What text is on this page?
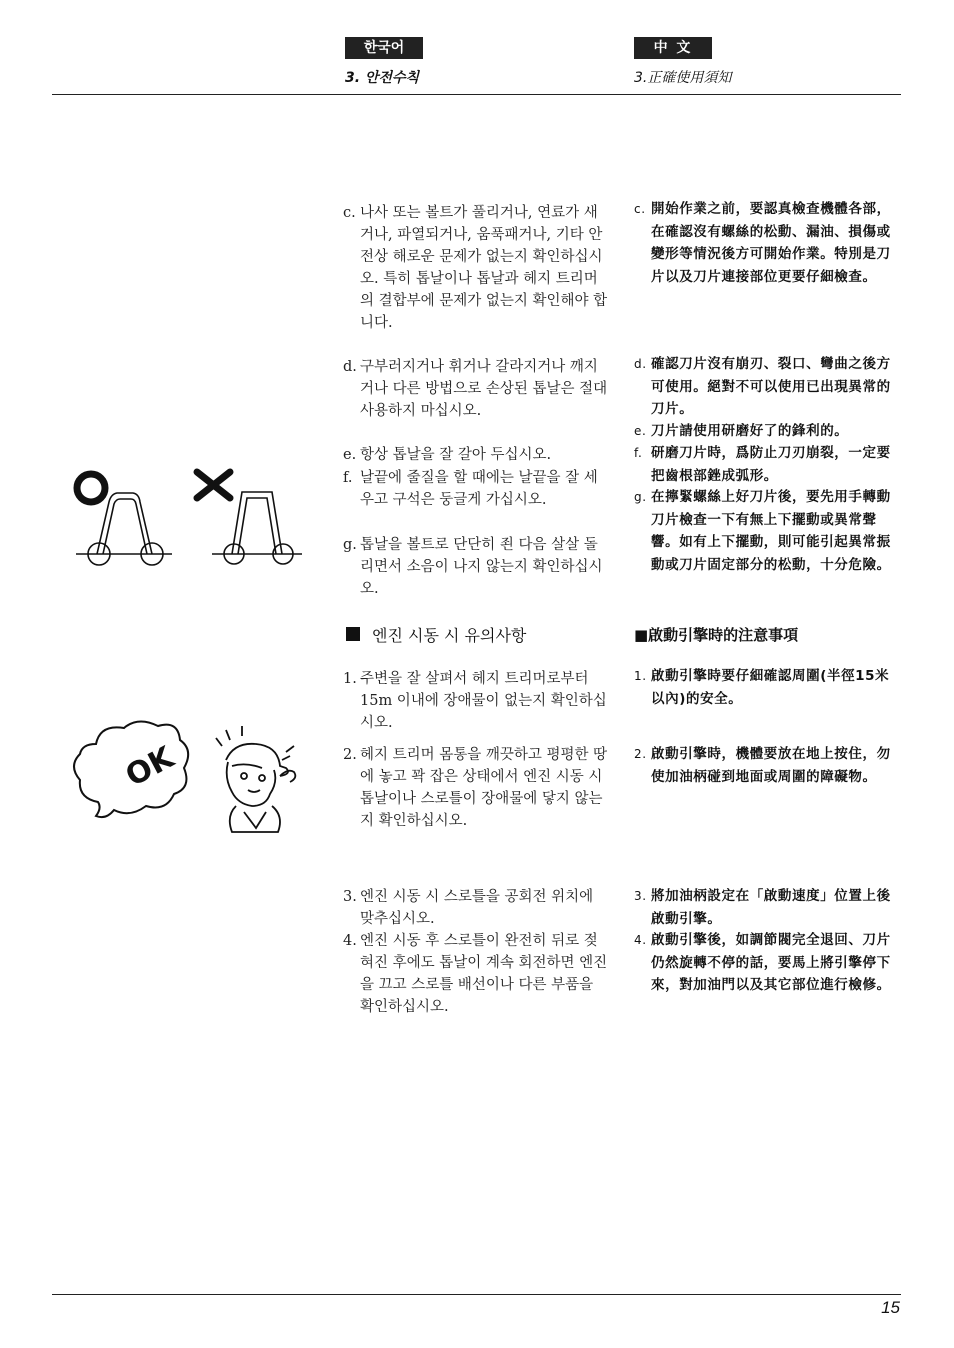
한국어
3. 안전수칙
中 文
3.正確使用須知
c. 나사 또는 볼트가 풀리거나, 연료가 새거나, 파열되거나, 움푹패거나, 기타 안전상 해로운 문제가 없는지 확인하십시오. 특히 톱날이나 톱날과 헤지 트리머의 결합부에 문제가 없는지 확인해야 합니다.
d. 구부러지거나 휘거나 갈라지거나 깨지거나 다른 방법으로 손상된 톱날은 절대 사용하지 마십시오.
e. 항상 톱날을 잘 갈아 두십시오.
f. 날끝에 줄질을 할 때에는 날끝을 잘 세우고 구석은 둥글게 가십시오.
g. 톱날을 볼트로 단단히 죈 다음 살살 돌리면서 소음이 나지 않는지 확인하십시오.
엔진 시동 시 유의사항
1. 주변을 잘 살펴서 헤지 트리머로부터 15m 이내에 장애물이 없는지 확인하십시오.
2. 헤지 트리머 몸통을 깨끗하고 평평한 땅에 놓고 꽉 잡은 상태에서 엔진 시동 시 톱날이나 스로틀이 장애물에 닿지 않는지 확인하십시오.
3. 엔진 시동 시 스로틀을 공회전 위치에 맞추십시오.
4. 엔진 시동 후 스로틀이 완전히 뒤로 젖혀진 후에도 톱날이 계속 회전하면 엔진을 끄고 스로틀 배선이나 다른 부품을 확인하십시오.
c. 開始作業之前，要認真檢查機體各部，在確認沒有螺絲的松動、漏油、損傷或變形等情況後方可開始作業。特別是刀片以及刀片連接部位更要仔細檢查。
d. 確認刀片沒有崩刃、裂口、彎曲之後方可使用。絕對不可以使用已出現異常的刀片。
e. 刀片請使用研磨好了的鋒利的。
f. 研磨刀片時，爲防止刀刃崩裂，一定要把齒根部銼成弧形。
g. 在擰緊螺絲上好刀片後，要先用手轉動刀片檢查一下有無上下擺動或異常聲響。如有上下擺動，則可能引起異常振動或刀片固定部分的松動，十分危險。
■啟動引擎時的注意事項
1. 啟動引擎時要仔細確認周圍(半徑15米以內)的安全。
2. 啟動引擎時，機體要放在地上按住，勿使加油柄碰到地面或周圍的障礙物。
3. 將加油柄設定在「啟動速度」位置上後啟動引擎。
4. 啟動引擎後，如調節閥完全退回、刀片仍然旋轉不停的話，要馬上將引擎停下來，對加油門以及其它部位進行檢修。
OK
15
